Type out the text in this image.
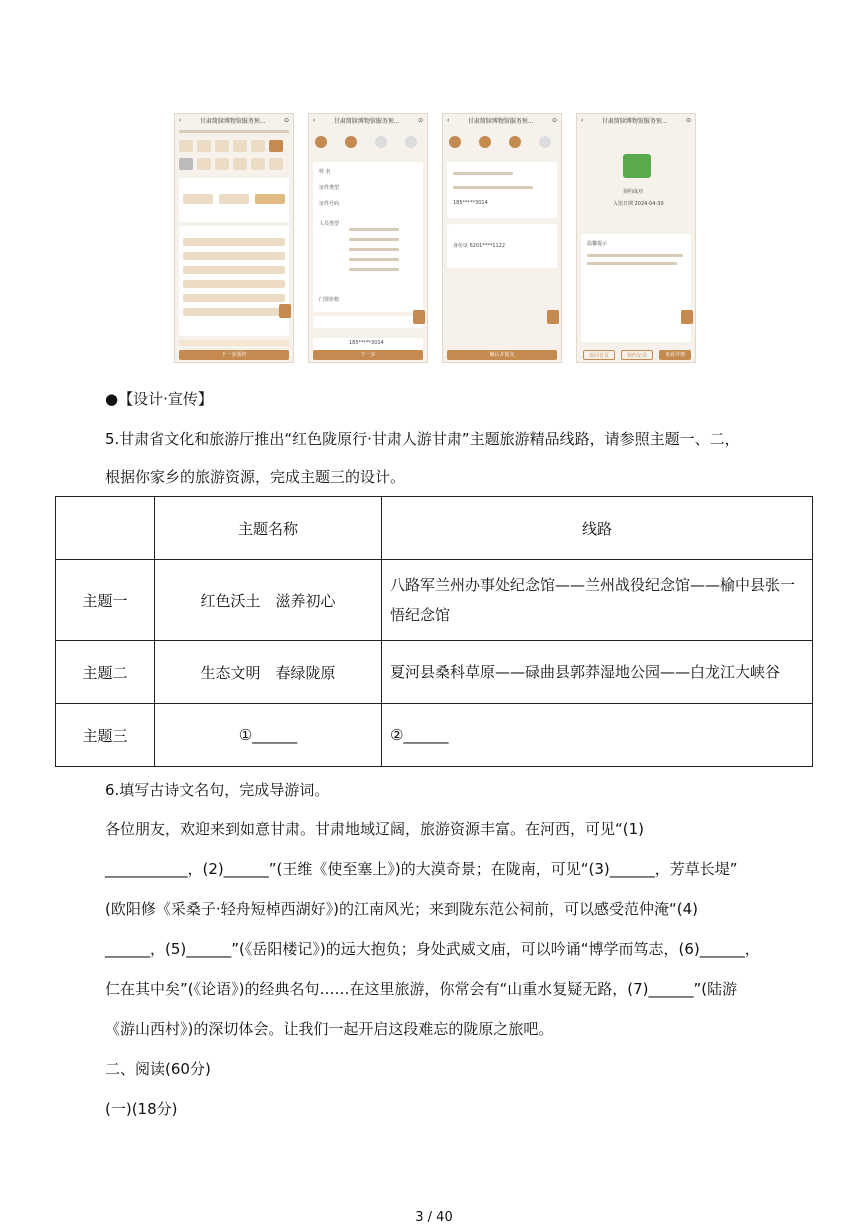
‹	甘肃简牍博物馆服务预...	⊙
下一步预约
‹	甘肃简牍博物馆服务预...	⊙
姓 名
证件类型
证件号码
人员类型
门票价格
185*****3014
下一步
‹	甘肃简牍博物馆服务预...	⊙
185*****3014
身份证 6201****1122
确认并提交
‹	甘肃简牍博物馆服务预...	⊙
预约成功
入馆日期 2024-04-30
温馨提示
返回首页	预约记录	查看详情
●【设计·宣传】
5.甘肃省文化和旅游厅推出“红色陇原行·甘肃人游甘肃”主题旅游精品线路，请参照主题一、二，
根据你家乡的旅游资源，完成主题三的设计。
	主题名称	线路
主题一	红色沃土　滋养初心	八路军兰州办事处纪念馆——兰州战役纪念馆——榆中县张一悟纪念馆
主题二	生态文明　春绿陇原	夏河县桑科草原——碌曲县郭莽湿地公园——白龙江大峡谷
主题三	①______	②______
6.填写古诗文名句，完成导游词。
各位朋友，欢迎来到如意甘肃。甘肃地域辽阔，旅游资源丰富。在河西，可见“(1)
___________，(2)______”(王维《使至塞上》)的大漠奇景；在陇南，可见“(3)______，芳草长堤”
(欧阳修《采桑子·轻舟短棹西湖好》)的江南风光；来到陇东范公祠前，可以感受范仲淹“(4)
______，(5)______”(《岳阳楼记》)的远大抱负；身处武威文庙，可以吟诵“博学而笃志，(6)______，
仁在其中矣”(《论语》)的经典名句……在这里旅游，你常会有“山重水复疑无路，(7)______”(陆游
《游山西村》)的深切体会。让我们一起开启这段难忘的陇原之旅吧。
二、阅读(60分)
(一)(18分)
3 / 40
